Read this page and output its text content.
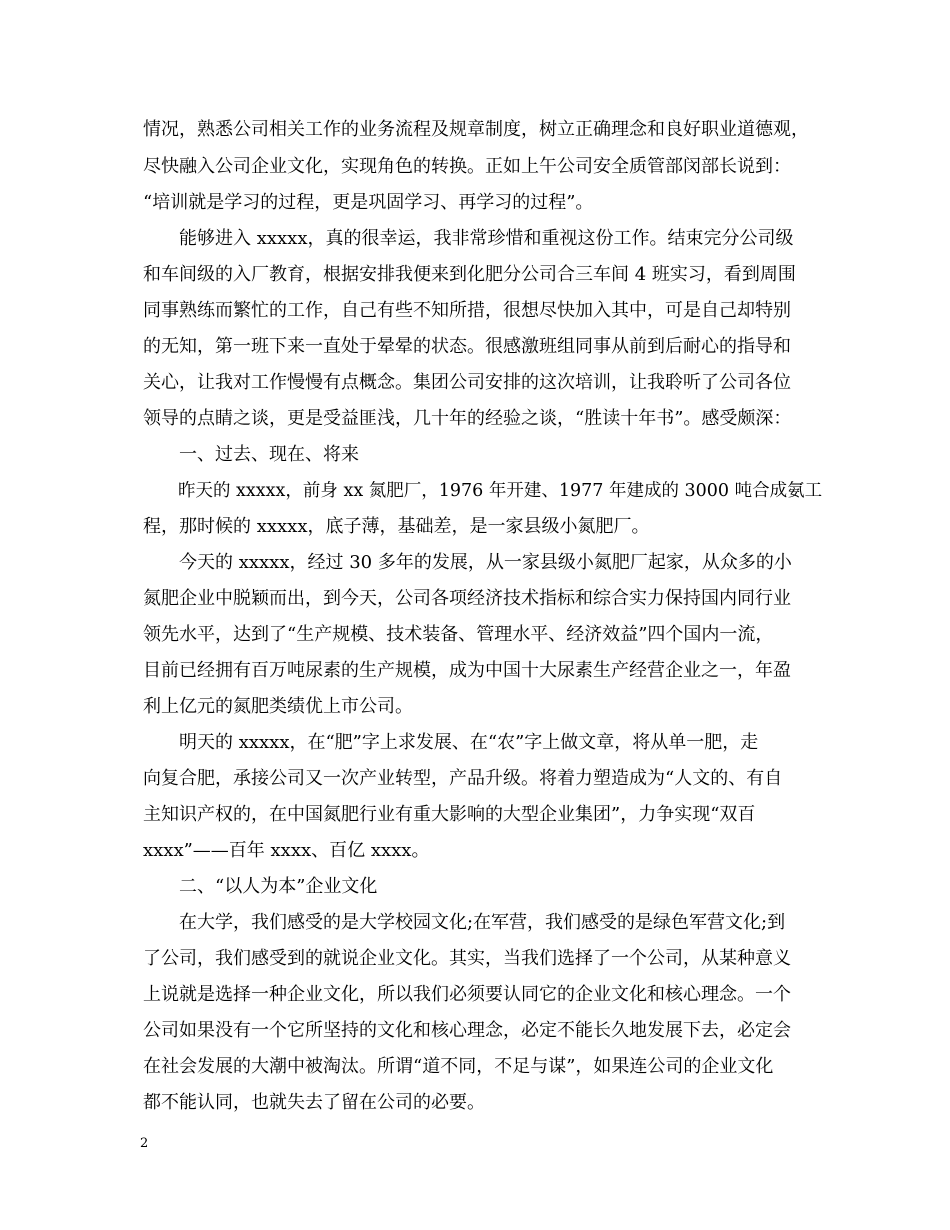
情况，熟悉公司相关工作的业务流程及规章制度，树立正确理念和良好职业道德观，
尽快融入公司企业文化，实现角色的转换。正如上午公司安全质管部闵部长说到：
“培训就是学习的过程，更是巩固学习、再学习的过程”。
　　能够进入 xxxxx，真的很幸运，我非常珍惜和重视这份工作。结束完分公司级
和车间级的入厂教育，根据安排我便来到化肥分公司合三车间 4 班实习，看到周围
同事熟练而繁忙的工作，自己有些不知所措，很想尽快加入其中，可是自己却特别
的无知，第一班下来一直处于晕晕的状态。很感激班组同事从前到后耐心的指导和
关心，让我对工作慢慢有点概念。集团公司安排的这次培训，让我聆听了公司各位
领导的点睛之谈，更是受益匪浅，几十年的经验之谈，“胜读十年书”。感受颇深：
　　一、过去、现在、将来
　　昨天的 xxxxx，前身 xx 氮肥厂，1976 年开建、1977 年建成的 3000 吨合成氨工
程，那时候的 xxxxx，底子薄，基础差，是一家县级小氮肥厂。
　　今天的 xxxxx，经过 30 多年的发展，从一家县级小氮肥厂起家，从众多的小
氮肥企业中脱颖而出，到今天，公司各项经济技术指标和综合实力保持国内同行业
领先水平，达到了“生产规模、技术装备、管理水平、经济效益”四个国内一流，
目前已经拥有百万吨尿素的生产规模，成为中国十大尿素生产经营企业之一，年盈
利上亿元的氮肥类绩优上市公司。
　　明天的 xxxxx，在“肥”字上求发展、在“农”字上做文章，将从单一肥，走
向复合肥，承接公司又一次产业转型，产品升级。将着力塑造成为“人文的、有自
主知识产权的，在中国氮肥行业有重大影响的大型企业集团”，力争实现“双百
xxxx”——百年 xxxx、百亿 xxxx。
　　二、“以人为本”企业文化
　　在大学，我们感受的是大学校园文化;在军营，我们感受的是绿色军营文化;到
了公司，我们感受到的就说企业文化。其实，当我们选择了一个公司，从某种意义
上说就是选择一种企业文化，所以我们必须要认同它的企业文化和核心理念。一个
公司如果没有一个它所坚持的文化和核心理念，必定不能长久地发展下去，必定会
在社会发展的大潮中被淘汰。所谓“道不同，不足与谋”，如果连公司的企业文化
都不能认同，也就失去了留在公司的必要。
2
